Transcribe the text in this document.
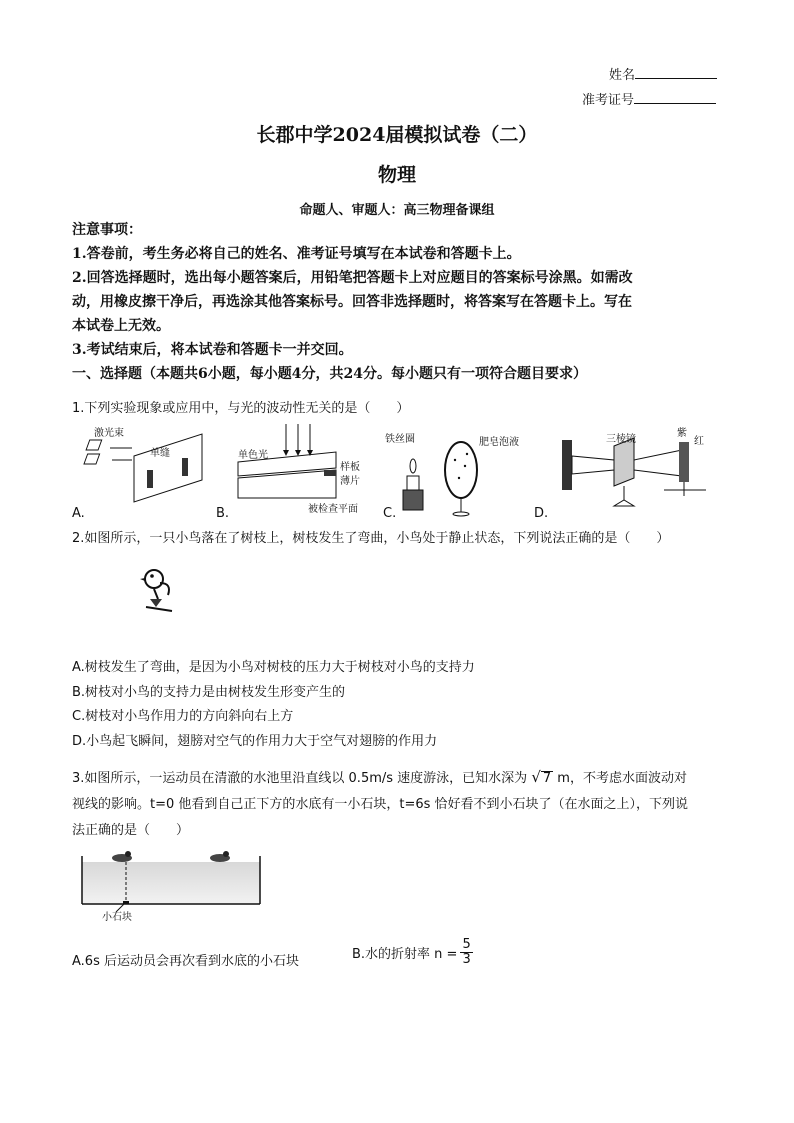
姓名
准考证号
长郡中学2024届模拟试卷（二）
物理
命题人、审题人：高三物理备课组
注意事项：
1.答卷前，考生务必将自己的姓名、准考证号填写在本试卷和答题卡上。
2.回答选择题时，选出每小题答案后，用铅笔把答题卡上对应题目的答案标号涂黑。如需改
动，用橡皮擦干净后，再选涂其他答案标号。回答非选择题时，将答案写在答题卡上。写在
本试卷上无效。
3.考试结束后，将本试卷和答题卡一并交回。
一、选择题（本题共6小题，每小题4分，共24分。每小题只有一项符合题目要求）
1.下列实验现象或应用中，与光的波动性无关的是（　　）
激光束
单缝
A.
单色光
样板
薄片
被检查平面
B.
铁丝圈	肥皂泡液
C.
三棱镜
紫
红
D.
2.如图所示，一只小鸟落在了树枝上，树枝发生了弯曲，小鸟处于静止状态，下列说法正确的是（　　）
A.树枝发生了弯曲，是因为小鸟对树枝的压力大于树枝对小鸟的支持力
B.树枝对小鸟的支持力是由树枝发生形变产生的
C.树枝对小鸟作用力的方向斜向右上方
D.小鸟起飞瞬间，翅膀对空气的作用力大于空气对翅膀的作用力
3.如图所示，一运动员在清澈的水池里沿直线以 0.5m/s 速度游泳，已知水深为 √ 7 m，不考虑水面波动对
视线的影响。t=0 他看到自己正下方的水底有一小石块，t=6s 恰好看不到小石块了（在水面之上），下列说
法正确的是（　　）
小石块
A.6s 后运动员会再次看到水底的小石块	B.水的折射率 $n = \frac{5}{3}$
